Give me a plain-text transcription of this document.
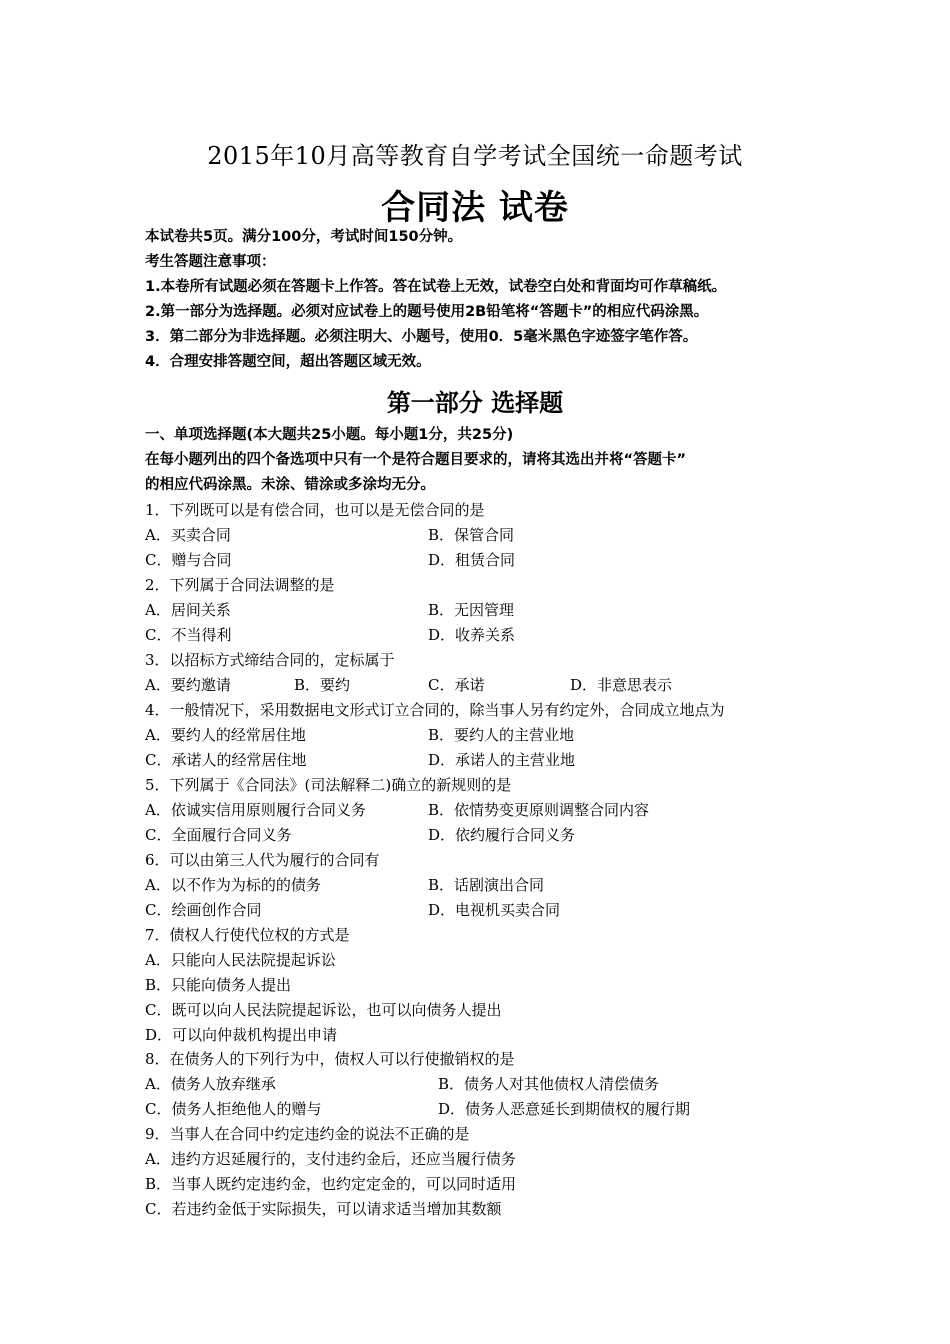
2015年10月高等教育自学考试全国统一命题考试
合同法 试卷
本试卷共5页。满分100分，考试时间150分钟。
考生答题注意事项：
1.本卷所有试题必须在答题卡上作答。答在试卷上无效，试卷空白处和背面均可作草稿纸。
2.第一部分为选择题。必须对应试卷上的题号使用2B铅笔将“答题卡”的相应代码涂黑。
3．第二部分为非选择题。必须注明大、小题号，使用0．5毫米黑色字迹签字笔作答。
4．合理安排答题空间，超出答题区域无效。
第一部分 选择题
一、单项选择题(本大题共25小题。每小题1分，共25分)
在每小题列出的四个备选项中只有一个是符合题目要求的，请将其选出并将“答题卡”
的相应代码涂黑。未涂、错涂或多涂均无分。
1．下列既可以是有偿合同，也可以是无偿合同的是
A．买卖合同	B．保管合同
C．赠与合同	D．租赁合同
2．下列属于合同法调整的是
A．居间关系	B．无因管理
C．不当得利	D．收养关系
3．以招标方式缔结合同的，定标属于
A．要约邀请	B．要约	C．承诺	D．非意思表示
4．一般情况下，采用数据电文形式订立合同的，除当事人另有约定外，合同成立地点为
A．要约人的经常居住地	B．要约人的主营业地
C．承诺人的经常居住地	D．承诺人的主营业地
5．下列属于《合同法》(司法解释二)确立的新规则的是
A．依诚实信用原则履行合同义务	B．依情势变更原则调整合同内容
C．全面履行合同义务	D．依约履行合同义务
6．可以由第三人代为履行的合同有
A．以不作为为标的的债务	B．话剧演出合同
C．绘画创作合同	D．电视机买卖合同
7．债权人行使代位权的方式是
A．只能向人民法院提起诉讼
B．只能向债务人提出
C．既可以向人民法院提起诉讼，也可以向债务人提出
D．可以向仲裁机构提出申请
8．在债务人的下列行为中，债权人可以行使撤销权的是
A．债务人放弃继承	B．债务人对其他债权人清偿债务
C．债务人拒绝他人的赠与	D．债务人恶意延长到期债权的履行期
9．当事人在合同中约定违约金的说法不正确的是
A．违约方迟延履行的，支付违约金后，还应当履行债务
B．当事人既约定违约金，也约定定金的，可以同时适用
C．若违约金低于实际损失，可以请求适当增加其数额
